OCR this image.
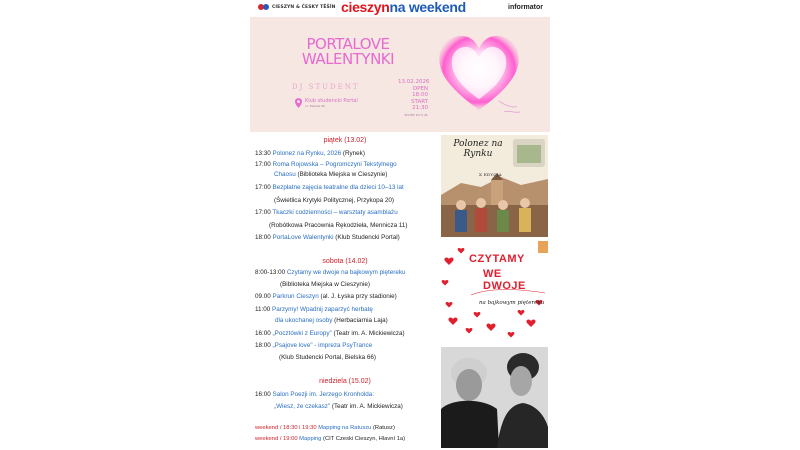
CIESZYN & ČESKÝ TĚŠÍN cieszynna weekend	informator
PORTALOVE WALENTYNKI
DJ STUDENT
Klub studencki Portal
ul. Bielska 66
13.02.2026
OPEN 18:00
START 21:30
WSTĘP DO 5 ZŁ
piątek (13.02)
13:30 Polonez na Rynku, 2026 (Rynek)
17:00 Roma Rojowska – Pogromczyni Tekstylnego
Chaosu (Biblioteka Miejska w Cieszynie)
17:00 Bezpłatne zajęcia teatralne dla dzieci 10–13 lat
(Świetlica Krytyki Politycznej, Przykopa 20)
17:00 Tkaczki codzienności – warsztaty asamblażu
(Robótkowa Pracownia Rękodzieła, Mennicza 11)
18:00 PortaLove Walentynki (Klub Studencki Portal)
sobota (14.02)
8:00-13:00 Czytamy we dwoje na bajkowym piętereku
(Biblioteka Miejska w Cieszynie)
09.00 Parkrun Cieszyn (al. J. Łyska przy stadionie)
11:00 Parzymy! Wpadnij zaparzyć herbatę
dla ukochanej osoby (Herbaciarnia Laja)
16:00 „Pocztówki z Europy" (Teatr im. A. Mickiewicza)
18:00 „Psajove love" - impreza PsyTrance
(Klub Studencki Portal, Bielska 66)
niedziela (15.02)
16:00 Salon Poezji im. Jerzego Kronholda:
„Wiesz, że czekasz" (Teatr im. A. Mickiewicza)
weekend / 18:30 i 19:30 Mapping na Ratuszu (Ratusz)
weekend / 19:00 Mapping (CIT Czeski Cieszyn, Hlavní 1a)
Polonez na Rynku
X EDYCJA
CZYTAMY
WE DWOJE
na bajkowym piętereku
